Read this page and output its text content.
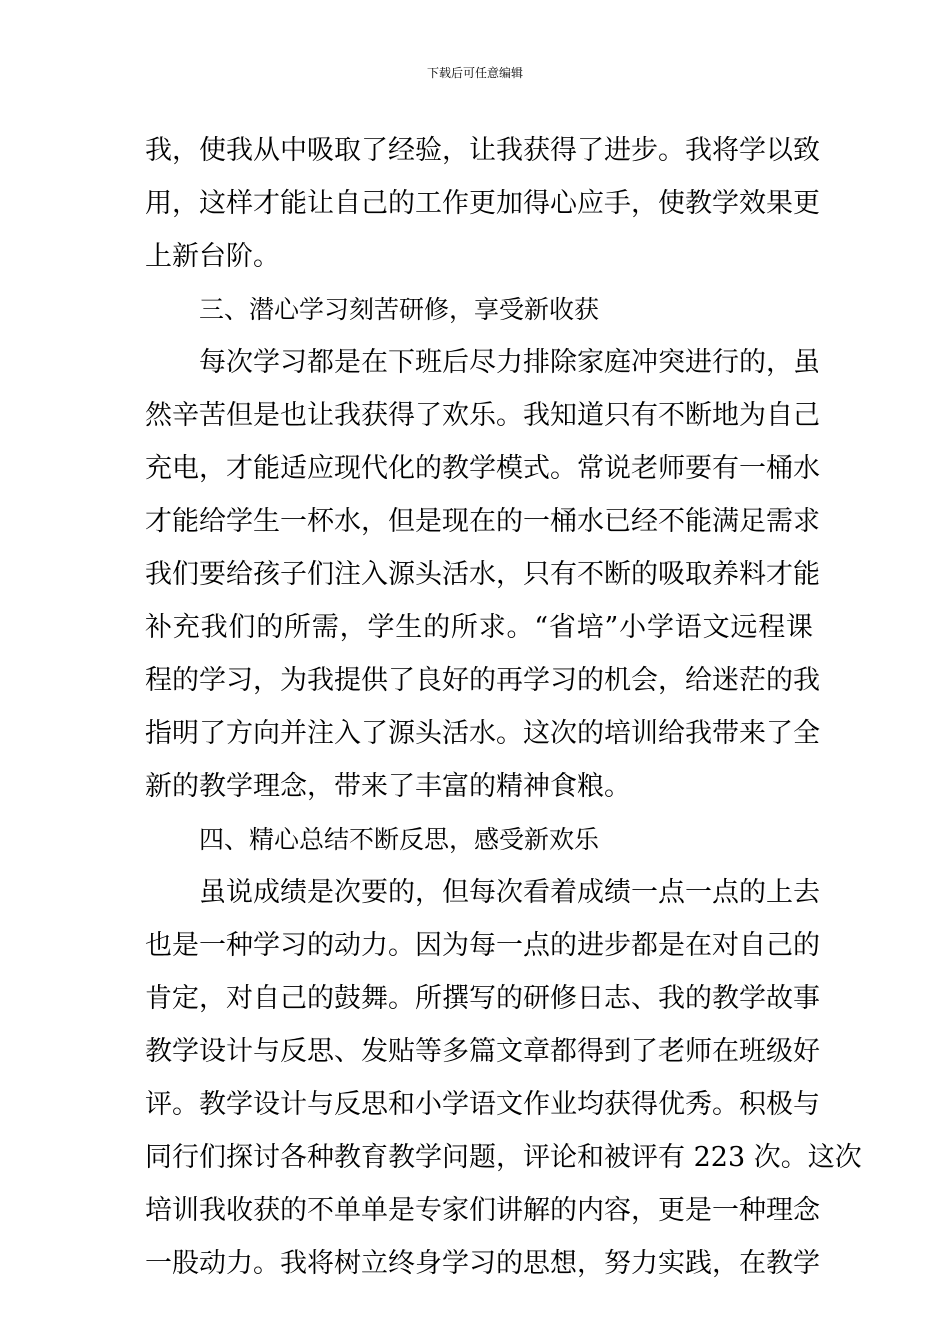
下载后可任意编辑
我，使我从中吸取了经验，让我获得了进步。我将学以致
用，这样才能让自己的工作更加得心应手，使教学效果更
上新台阶。
三、潜心学习刻苦研修，享受新收获
每次学习都是在下班后尽力排除家庭冲突进行的，虽
然辛苦但是也让我获得了欢乐。我知道只有不断地为自己
充电，才能适应现代化的教学模式。常说老师要有一桶水
才能给学生一杯水，但是现在的一桶水已经不能满足需求
我们要给孩子们注入源头活水，只有不断的吸取养料才能
补充我们的所需，学生的所求。“省培”小学语文远程课
程的学习，为我提供了良好的再学习的机会，给迷茫的我
指明了方向并注入了源头活水。这次的培训给我带来了全
新的教学理念，带来了丰富的精神食粮。
四、精心总结不断反思，感受新欢乐
虽说成绩是次要的，但每次看着成绩一点一点的上去
也是一种学习的动力。因为每一点的进步都是在对自己的
肯定，对自己的鼓舞。所撰写的研修日志、我的教学故事
教学设计与反思、发贴等多篇文章都得到了老师在班级好
评。教学设计与反思和小学语文作业均获得优秀。积极与
同行们探讨各种教育教学问题，评论和被评有 223 次。这次
培训我收获的不单单是专家们讲解的内容，更是一种理念
一股动力。我将树立终身学习的思想，努力实践，在教学
